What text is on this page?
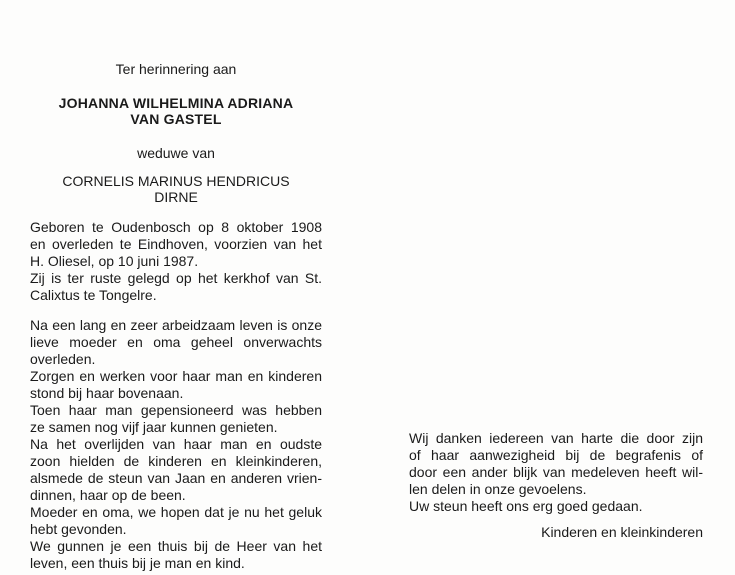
Ter herinnering aan
JOHANNA WILHELMINA ADRIANA
VAN GASTEL
weduwe van
CORNELIS MARINUS HENDRICUS
DIRNE
Geboren te Oudenbosch op 8 oktober 1908
en overleden te Eindhoven, voorzien van het
H. Oliesel, op 10 juni 1987.
Zij is ter ruste gelegd op het kerkhof van St.
Calixtus te Tongelre.
Na een lang en zeer arbeidzaam leven is onze
lieve moeder en oma geheel onverwachts
overleden.
Zorgen en werken voor haar man en kinderen
stond bij haar bovenaan.
Toen haar man gepensioneerd was hebben
ze samen nog vijf jaar kunnen genieten.
Na het overlijden van haar man en oudste
zoon hielden de kinderen en kleinkinderen,
alsmede de steun van Jaan en anderen vrien-
dinnen, haar op de been.
Moeder en oma, we hopen dat je nu het geluk
hebt gevonden.
We gunnen je een thuis bij de Heer van het
leven, een thuis bij je man en kind.
Wij danken iedereen van harte die door zijn
of haar aanwezigheid bij de begrafenis of
door een ander blijk van medeleven heeft wil-
len delen in onze gevoelens.
Uw steun heeft ons erg goed gedaan.
Kinderen en kleinkinderen
